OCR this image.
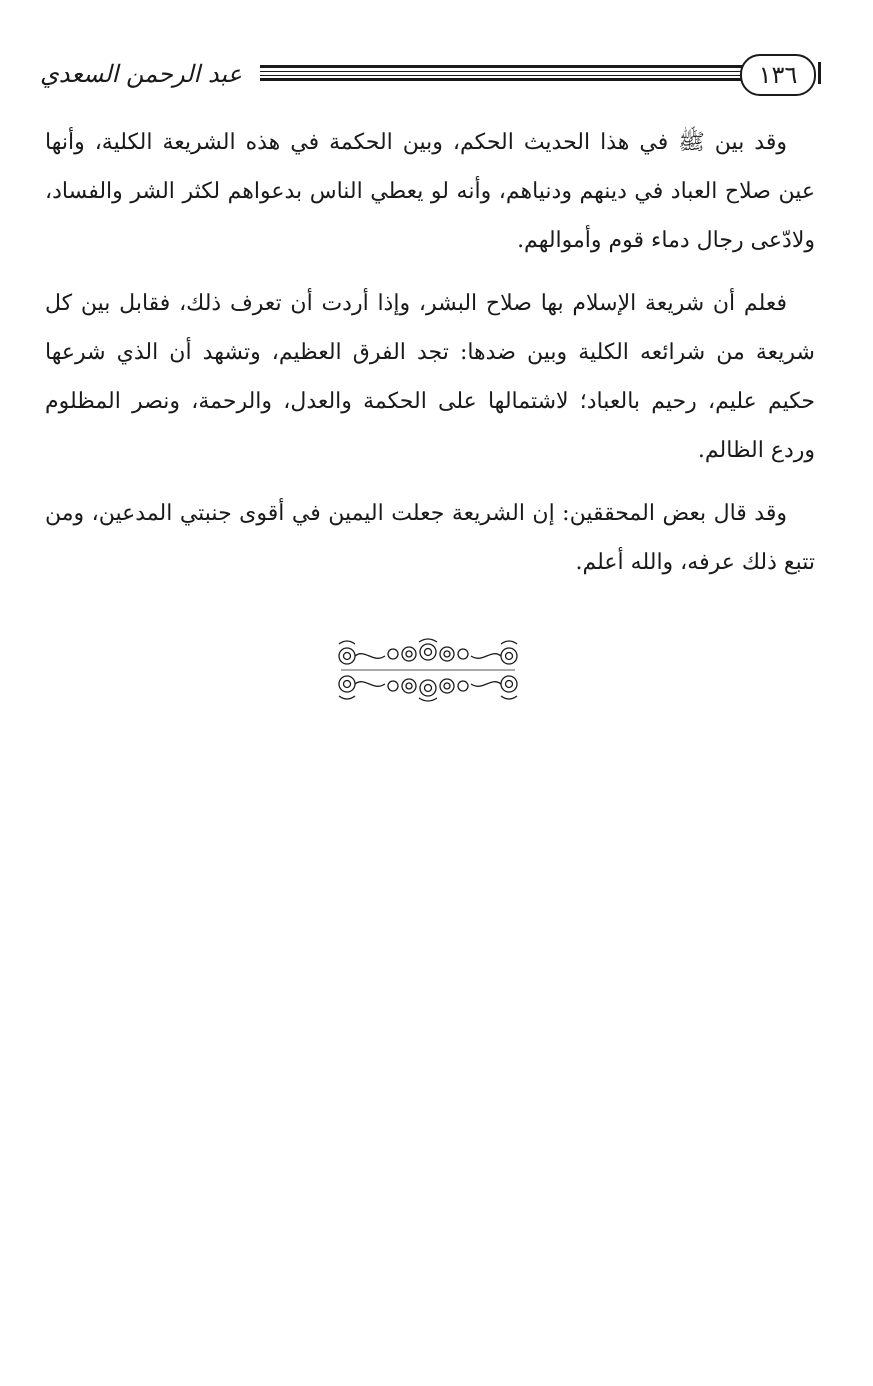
عبد الرحمن السعدي	١٣٦

وقد بين ﷺ في هذا الحديث الحكم، وبين الحكمة في هذه الشريعة الكلية، وأنها عين صلاح العباد في دينهم ودنياهم، وأنه لو يعطي الناس بدعواهم لكثر الشر والفساد، ولادّعى رجال دماء قوم وأموالهم.

فعلم أن شريعة الإسلام بها صلاح البشر، وإذا أردت أن تعرف ذلك، فقابل بين كل شريعة من شرائعه الكلية وبين ضدها: تجد الفرق العظيم، وتشهد أن الذي شرعها حكيم عليم، رحيم بالعباد؛ لاشتمالها على الحكمة والعدل، والرحمة، ونصر المظلوم وردع الظالم.

وقد قال بعض المحققين: إن الشريعة جعلت اليمين في أقوى جنبتي المدعين، ومن تتبع ذلك عرفه، والله أعلم.
